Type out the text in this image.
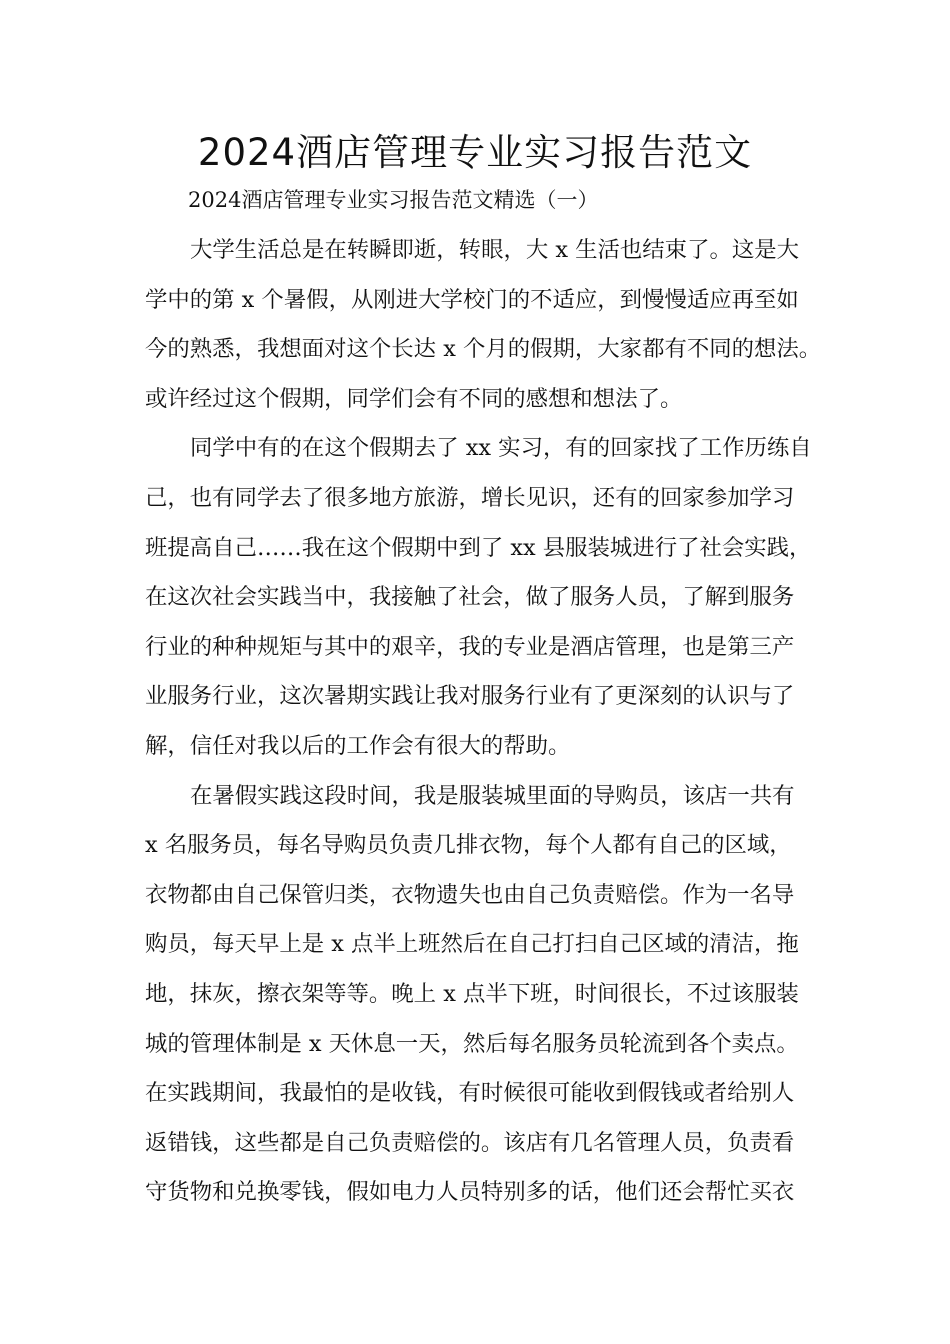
2024酒店管理专业实习报告范文
2024酒店管理专业实习报告范文精选（一）
大学生活总是在转瞬即逝，转眼，大 x 生活也结束了。这是大
学中的第 x 个暑假，从刚进大学校门的不适应，到慢慢适应再至如
今的熟悉，我想面对这个长达 x 个月的假期，大家都有不同的想法。
或许经过这个假期，同学们会有不同的感想和想法了。
同学中有的在这个假期去了 xx 实习，有的回家找了工作历练自
己，也有同学去了很多地方旅游，增长见识，还有的回家参加学习
班提高自己……我在这个假期中到了 xx 县服装城进行了社会实践，
在这次社会实践当中，我接触了社会，做了服务人员，了解到服务
行业的种种规矩与其中的艰辛，我的专业是酒店管理，也是第三产
业服务行业，这次暑期实践让我对服务行业有了更深刻的认识与了
解，信任对我以后的工作会有很大的帮助。
在暑假实践这段时间，我是服装城里面的导购员，该店一共有
x 名服务员，每名导购员负责几排衣物，每个人都有自己的区域，
衣物都由自己保管归类，衣物遗失也由自己负责赔偿。作为一名导
购员，每天早上是 x 点半上班然后在自己打扫自己区域的清洁，拖
地，抹灰，擦衣架等等。晚上 x 点半下班，时间很长，不过该服装
城的管理体制是 x 天休息一天，然后每名服务员轮流到各个卖点。
在实践期间，我最怕的是收钱，有时候很可能收到假钱或者给别人
返错钱，这些都是自己负责赔偿的。该店有几名管理人员，负责看
守货物和兑换零钱，假如电力人员特别多的话，他们还会帮忙买衣
